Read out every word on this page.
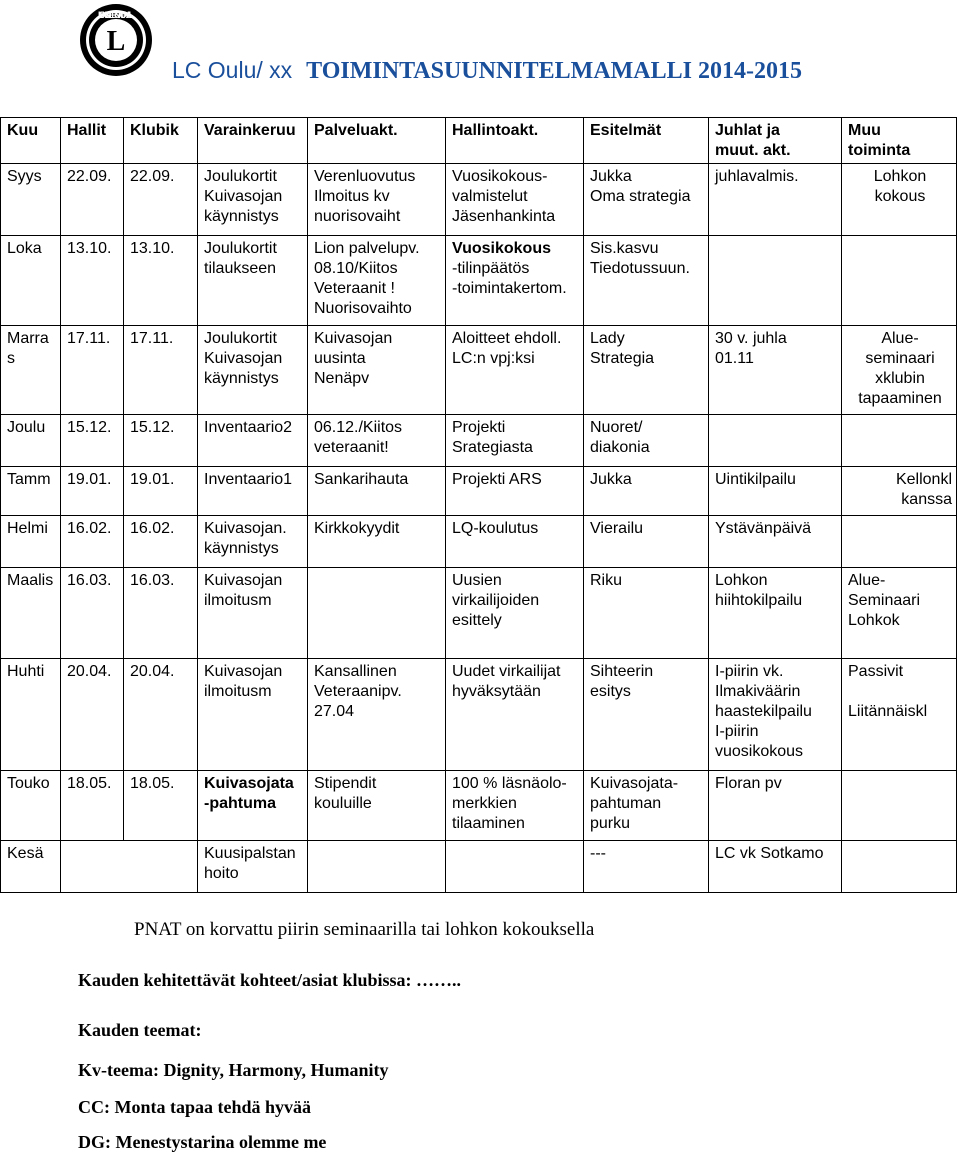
L
LIONS INTERNATIONAL
LC Oulu/ xx TOIMINTASUUNNITELMAMALLI 2014-2015
Kuu	Hallit	Klubik	Varainkeruu	Palveluakt.	Hallintoakt.	Esitelmät	Juhlat ja
muut. akt.	Muu
toiminta
Syys	22.09.	22.09.	Joulukortit
Kuivasojan
käynnistys	Verenluovutus
Ilmoitus kv
nuorisovaiht	Vuosikokous-
valmistelut
Jäsenhankinta	Jukka
Oma strategia	juhlavalmis.	Lohkon
kokous
Loka	13.10.	13.10.	Joulukortit
tilaukseen	Lion palvelupv.
08.10/Kiitos
Veteraanit !
Nuorisovaihto	Vuosikokous
-tilinpäätös
-toimintakertom.	Sis.kasvu
Tiedotussuun.		
Marra
s	17.11.	17.11.	Joulukortit
Kuivasojan
käynnistys	Kuivasojan
uusinta
Nenäpv	Aloitteet ehdoll.
LC:n vpj:ksi	Lady
Strategia	30 v. juhla
01.11	Alue-
seminaari
xklubin
tapaaminen
Joulu	15.12.	15.12.	Inventaario2	06.12./Kiitos
veteraanit!	Projekti
Srategiasta	Nuoret/
diakonia		
Tamm	19.01.	19.01.	Inventaario1	Sankarihauta	Projekti ARS	Jukka	Uintikilpailu	Kellonkl
kanssa
Helmi	16.02.	16.02.	Kuivasojan.
käynnistys	Kirkkokyydit	LQ-koulutus	Vierailu	Ystävänpäivä	
Maalis	16.03.	16.03.	Kuivasojan
ilmoitusm		Uusien
virkailijoiden
esittely	Riku	Lohkon
hiihtokilpailu	Alue-
Seminaari
Lohkok
Huhti	20.04.	20.04.	Kuivasojan
ilmoitusm	Kansallinen
Veteraanipv.
27.04	Uudet virkailijat
hyväksytään	Sihteerin
esitys	I-piirin vk.
Ilmakiväärin
haastekilpailu
I-piirin
vuosikokous	Passivit

Liitännäiskl
Touko	18.05.	18.05.	Kuivasojata
-pahtuma	Stipendit
kouluille	100 % läsnäolo-
merkkien
tilaaminen	Kuivasojata-
pahtuman
purku	Floran pv	
Kesä			Kuusipalstan
hoito			---	LC vk Sotkamo	
PNAT on korvattu piirin seminaarilla tai lohkon kokouksella
Kauden kehitettävät kohteet/asiat klubissa: ……..
Kauden teemat:
Kv-teema: Dignity, Harmony, Humanity
CC: Monta tapaa tehdä hyvää
DG: Menestystarina olemme me
